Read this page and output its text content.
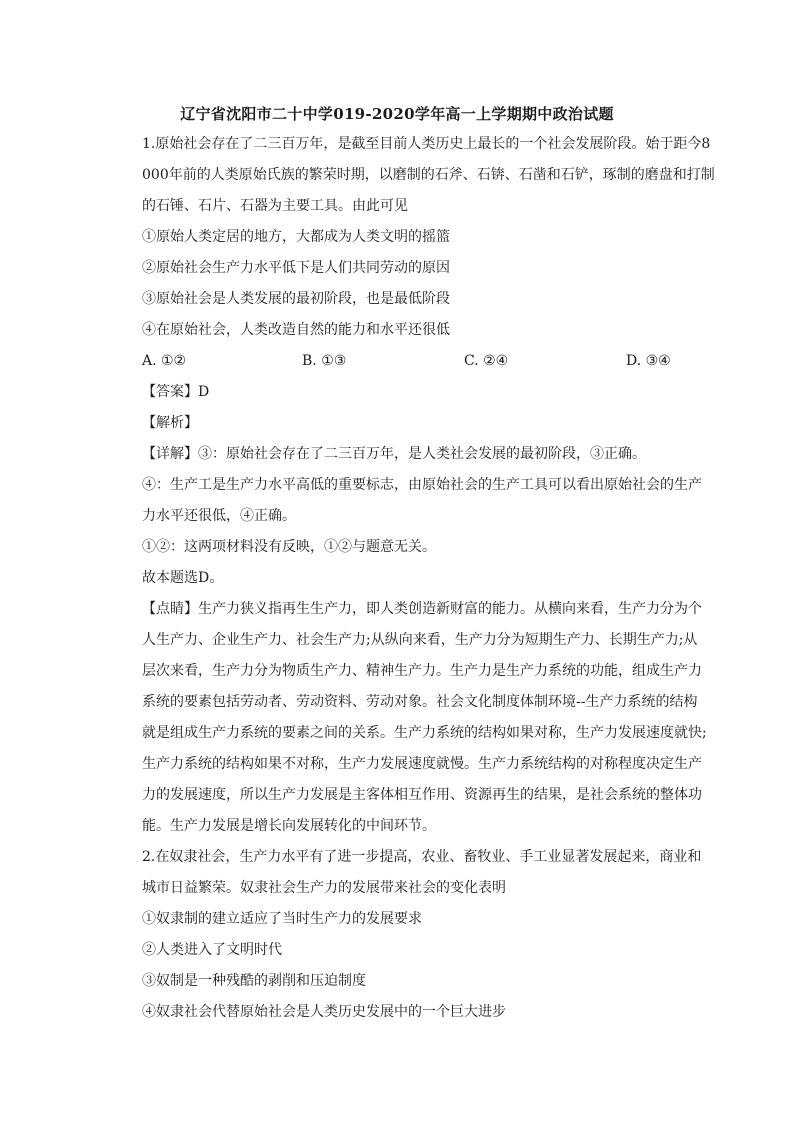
辽宁省沈阳市二十中学019-2020学年高一上学期期中政治试题

1.原始社会存在了二三百万年，是截至目前人类历史上最长的一个社会发展阶段。始于距今8

000年前的人类原始氏族的繁荣时期，以磨制的石斧、石锛、石凿和石铲，琢制的磨盘和打制

的石锤、石片、石器为主要工具。由此可见

①原始人类定居的地方，大都成为人类文明的摇篮

②原始社会生产力水平低下是人们共同劳动的原因

③原始社会是人类发展的最初阶段，也是最低阶段

④在原始社会，人类改造自然的能力和水平还很低

A. ①②	B. ①③	C. ②④	D. ③④

【答案】D

【解析】

【详解】③：原始社会存在了二三百万年，是人类社会发展的最初阶段，③正确。

④：生产工是生产力水平高低的重要标志，由原始社会的生产工具可以看出原始社会的生产

力水平还很低，④正确。

①②：这两项材料没有反映，①②与题意无关。

故本题选D。

【点睛】生产力狭义指再生生产力，即人类创造新财富的能力。从横向来看，生产力分为个

人生产力、企业生产力、社会生产力;从纵向来看，生产力分为短期生产力、长期生产力;从

层次来看，生产力分为物质生产力、精神生产力。生产力是生产力系统的功能，组成生产力

系统的要素包括劳动者、劳动资料、劳动对象。社会文化制度体制环境--生产力系统的结构

就是组成生产力系统的要素之间的关系。生产力系统的结构如果对称，生产力发展速度就快;

生产力系统的结构如果不对称，生产力发展速度就慢。生产力系统结构的对称程度决定生产

力的发展速度，所以生产力发展是主客体相互作用、资源再生的结果，是社会系统的整体功

能。生产力发展是增长向发展转化的中间环节。

2.在奴隶社会，生产力水平有了进一步提高，农业、畜牧业、手工业显著发展起来，商业和

城市日益繁荣。奴隶社会生产力的发展带来社会的变化表明

①奴隶制的建立适应了当时生产力的发展要求

②人类进入了文明时代

③奴制是一种残酷的剥削和压迫制度

④奴隶社会代替原始社会是人类历史发展中的一个巨大进步
